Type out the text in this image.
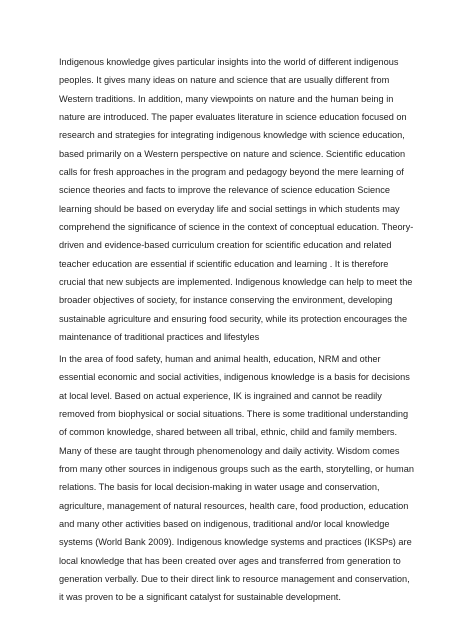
Indigenous knowledge gives particular insights into the world of different indigenous
peoples. It gives many ideas on nature and science that are usually different from
Western traditions. In addition, many viewpoints on nature and the human being in
nature are introduced. The paper evaluates literature in science education focused on
research and strategies for integrating indigenous knowledge with science education,
based primarily on a Western perspective on nature and science. Scientific education
calls for fresh approaches in the program and pedagogy beyond the mere learning of
science theories and facts to improve the relevance of science education Science
learning should be based on everyday life and social settings in which students may
comprehend the significance of science in the context of conceptual education. Theory-
driven and evidence-based curriculum creation for scientific education and related
teacher education are essential if scientific education and learning . It is therefore
crucial that new subjects are implemented. Indigenous knowledge can help to meet the
broader objectives of society, for instance conserving the environment, developing
sustainable agriculture and ensuring food security, while its protection encourages the
maintenance of traditional practices and lifestyles
In the area of food safety, human and animal health, education, NRM and other
essential economic and social activities, indigenous knowledge is a basis for decisions
at local level. Based on actual experience, IK is ingrained and cannot be readily
removed from biophysical or social situations. There is some traditional understanding
of common knowledge, shared between all tribal, ethnic, child and family members.
Many of these are taught through phenomenology and daily activity. Wisdom comes
from many other sources in indigenous groups such as the earth, storytelling, or human
relations. The basis for local decision-making in water usage and conservation,
agriculture, management of natural resources, health care, food production, education
and many other activities based on indigenous, traditional and/or local knowledge
systems (World Bank 2009). Indigenous knowledge systems and practices (IKSPs) are
local knowledge that has been created over ages and transferred from generation to
generation verbally. Due to their direct link to resource management and conservation,
it was proven to be a significant catalyst for sustainable development.
